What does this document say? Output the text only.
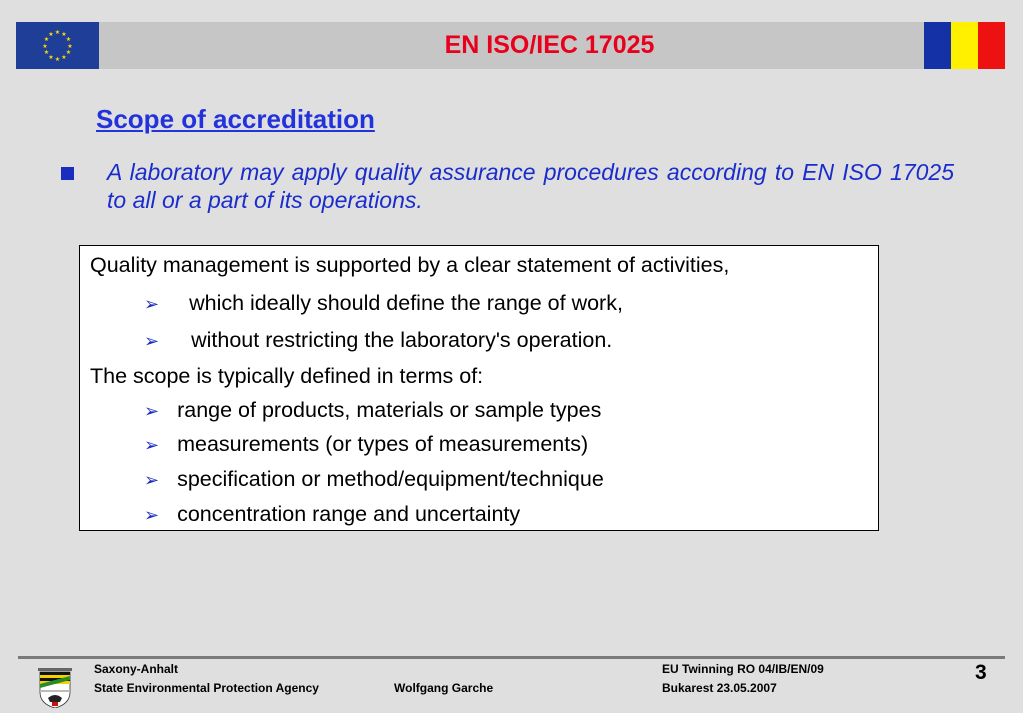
★ ★
★
★
★
★
★
★
★
★
★
★	EN ISO/IEC 17025
Scope of accreditation
A laboratory may apply quality assurance procedures according to EN ISO 17025 to all or a part of its operations.
Quality management is supported by a clear statement of activities,
➢ which ideally should define the range of work,
➢ without restricting the laboratory's operation.
The scope is typically defined in terms of:
➢ range of products, materials or sample types
➢ measurements (or types of measurements)
➢ specification or method/equipment/technique
➢ concentration range and uncertainty
Saxony-Anhalt
State Environmental Protection Agency	Wolfgang Garche
EU Twinning RO 04/IB/EN/09
Bukarest 23.05.2007
3
